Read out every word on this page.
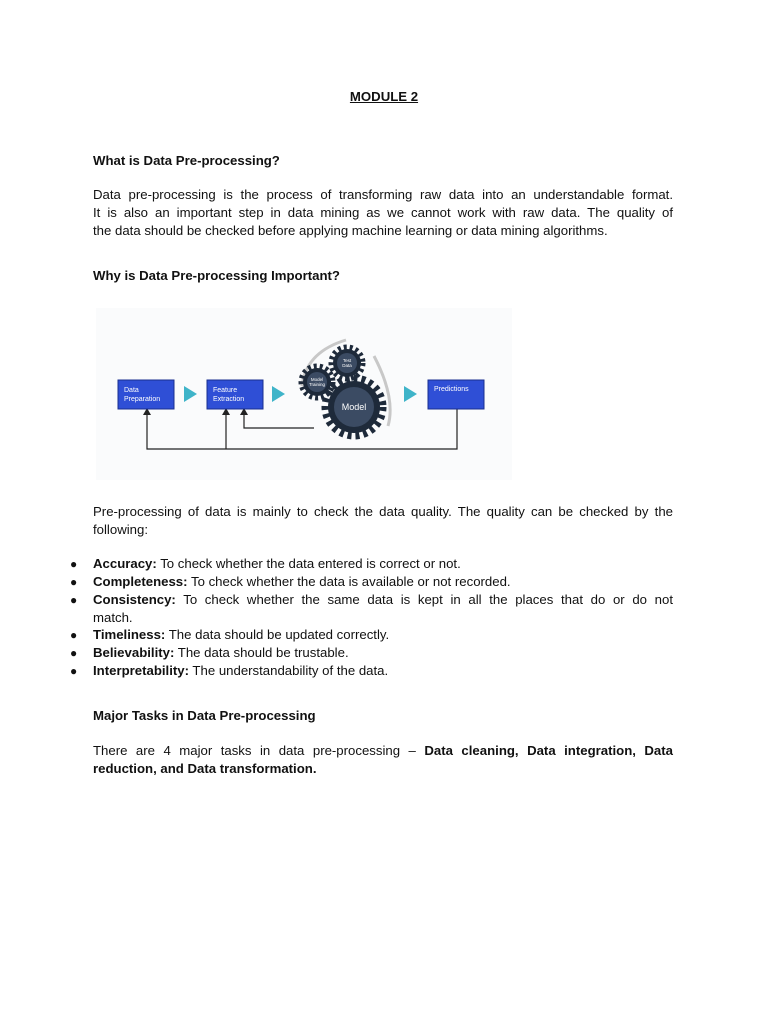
MODULE 2
What is Data Pre-processing?
Data pre-processing is the process of transforming raw data into an understandable format.
It is also an important step in data mining as we cannot work with raw data. The quality of
the data should be checked before applying machine learning or data mining algorithms.
Why is Data Pre-processing Important?
Data
Preparation
Feature
Extraction
Predictions
Test
Data
Model
Training
Model
Pre-processing of data is mainly to check the data quality. The quality can be checked by the
following:
● Accuracy: To check whether the data entered is correct or not.
● Completeness: To check whether the data is available or not recorded.
● Consistency: To check whether the same data is kept in all the places that do or do not
match.
● Timeliness: The data should be updated correctly.
● Believability: The data should be trustable.
● Interpretability: The understandability of the data.
Major Tasks in Data Pre-processing
There are 4 major tasks in data pre-processing – Data cleaning, Data integration, Data
reduction, and Data transformation.
